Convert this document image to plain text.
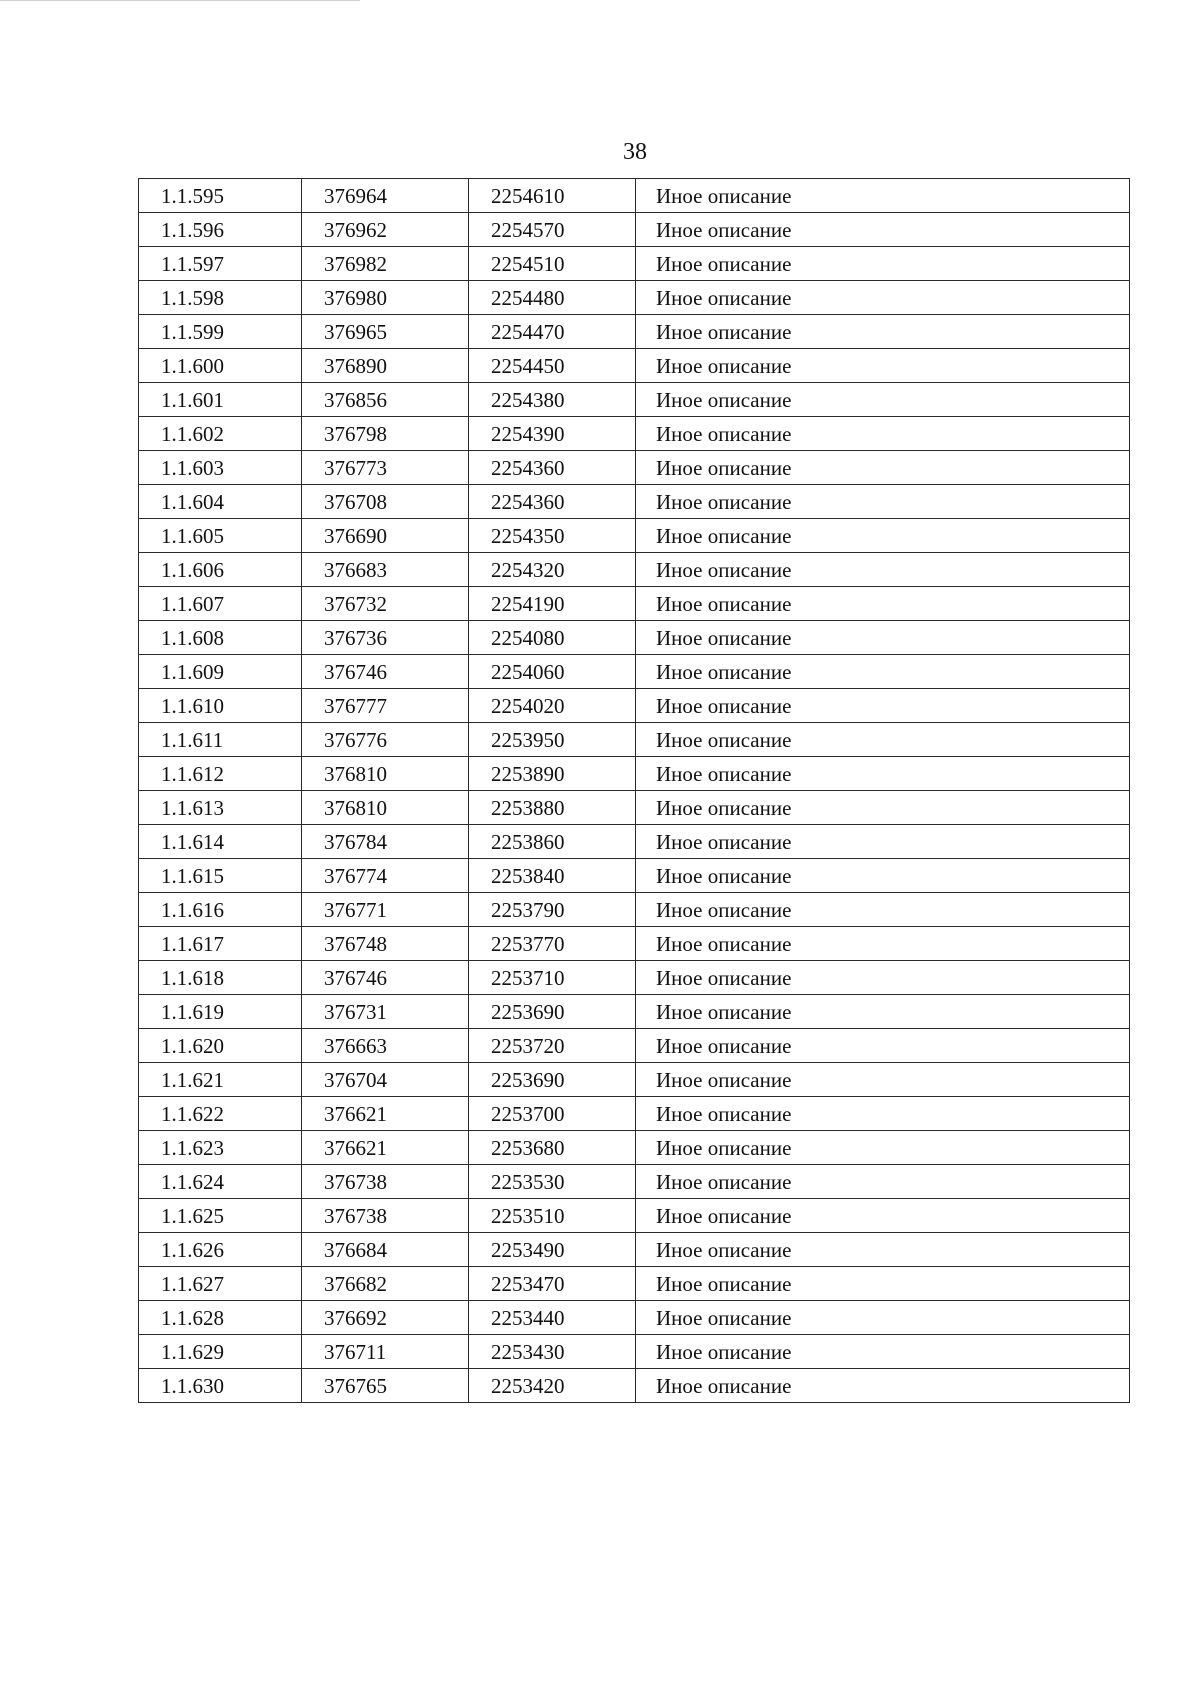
38
1.1.595	376964	2254610	Иное описание
1.1.596	376962	2254570	Иное описание
1.1.597	376982	2254510	Иное описание
1.1.598	376980	2254480	Иное описание
1.1.599	376965	2254470	Иное описание
1.1.600	376890	2254450	Иное описание
1.1.601	376856	2254380	Иное описание
1.1.602	376798	2254390	Иное описание
1.1.603	376773	2254360	Иное описание
1.1.604	376708	2254360	Иное описание
1.1.605	376690	2254350	Иное описание
1.1.606	376683	2254320	Иное описание
1.1.607	376732	2254190	Иное описание
1.1.608	376736	2254080	Иное описание
1.1.609	376746	2254060	Иное описание
1.1.610	376777	2254020	Иное описание
1.1.611	376776	2253950	Иное описание
1.1.612	376810	2253890	Иное описание
1.1.613	376810	2253880	Иное описание
1.1.614	376784	2253860	Иное описание
1.1.615	376774	2253840	Иное описание
1.1.616	376771	2253790	Иное описание
1.1.617	376748	2253770	Иное описание
1.1.618	376746	2253710	Иное описание
1.1.619	376731	2253690	Иное описание
1.1.620	376663	2253720	Иное описание
1.1.621	376704	2253690	Иное описание
1.1.622	376621	2253700	Иное описание
1.1.623	376621	2253680	Иное описание
1.1.624	376738	2253530	Иное описание
1.1.625	376738	2253510	Иное описание
1.1.626	376684	2253490	Иное описание
1.1.627	376682	2253470	Иное описание
1.1.628	376692	2253440	Иное описание
1.1.629	376711	2253430	Иное описание
1.1.630	376765	2253420	Иное описание
